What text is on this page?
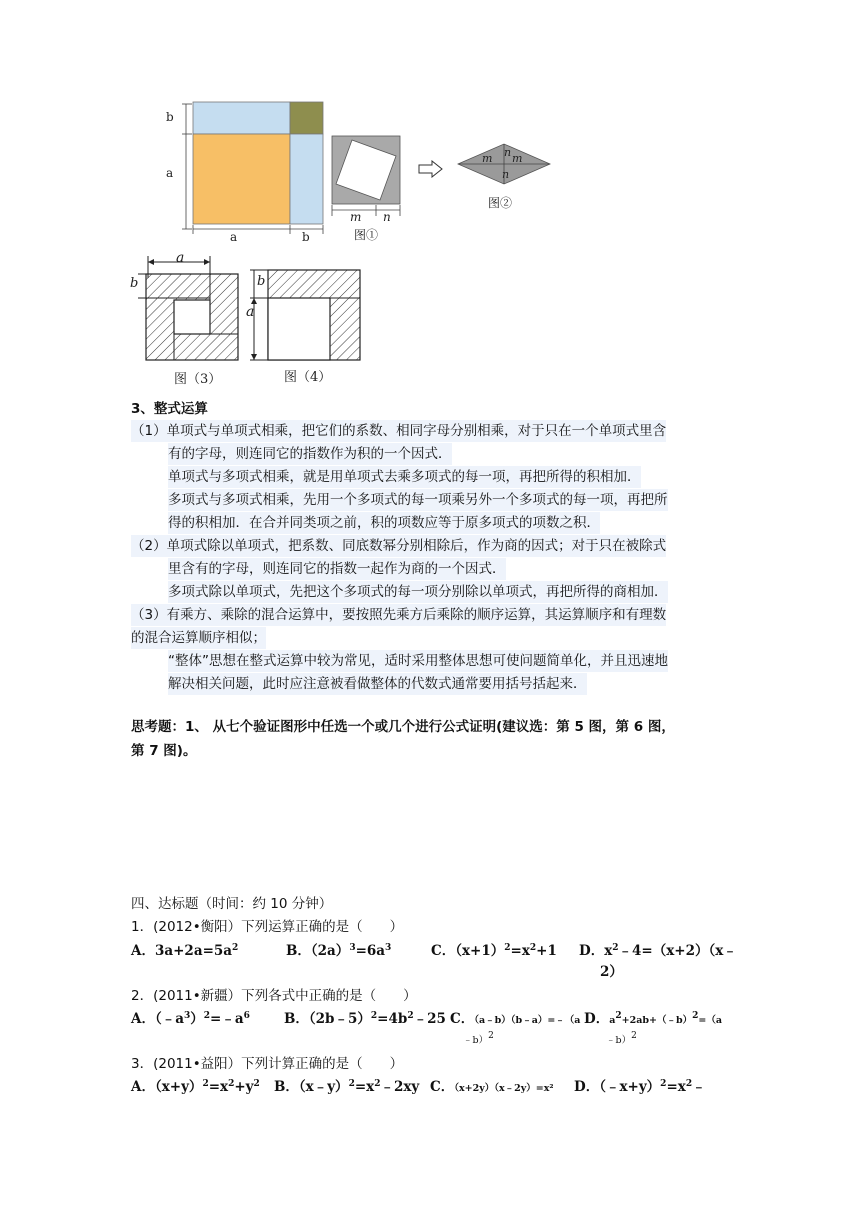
b
a
a	b
m n
图①
m n m
n
图②
a
b
图（3）
b
a
图（4）
3、整式运算
（1）单项式与单项式相乘，把它们的系数、相同字母分别相乘，对于只在一个单项式里含
有的字母，则连同它的指数作为积的一个因式．
单项式与多项式相乘，就是用单项式去乘多项式的每一项，再把所得的积相加．
多项式与多项式相乘，先用一个多项式的每一项乘另外一个多项式的每一项，再把所
得的积相加．在合并同类项之前，积的项数应等于原多项式的项数之积．
（2）单项式除以单项式，把系数、同底数幂分别相除后，作为商的因式；对于只在被除式
里含有的字母，则连同它的指数一起作为商的一个因式．
多项式除以单项式，先把这个多项式的每一项分别除以单项式，再把所得的商相加．
（3）有乘方、乘除的混合运算中，要按照先乘方后乘除的顺序运算，其运算顺序和有理数
的混合运算顺序相似；
“整体”思想在整式运算中较为常见，适时采用整体思想可使问题简单化，并且迅速地
解决相关问题，此时应注意被看做整体的代数式通常要用括号括起来．
思考题：1、 从七个验证图形中任选一个或几个进行公式证明(建议选：第 5 图，第 6 图，
第 7 图)。
四、达标题（时间：约 10 分钟）
1．(2012•衡阳）下列运算正确的是（　　）
A．$3a+2a=5a^2$	B．$(2a)^3=6a^3$	C．$(x+1)^2=x^2+1$ D．$x^2﹣4=(x+2)(x﹣$
2）
2．(2011•新疆）下列各式中正确的是（　　）
A．$(﹣a^3)^2=﹣a^6$	B．$(2b﹣5)^2=4b^2﹣25$ C．（a﹣b）（b﹣a）=﹣（a
﹣b）$^2$
D．$a^2+2ab+(﹣b)^2=(a$
﹣b）$^2$
3．(2011•益阳）下列计算正确的是（　　）
A．$(x+y)^2=x^2+y^2$ B．$(x﹣y)^2=x^2﹣2xy$ C．（x+2y）（x﹣2y）=x² D．$(﹣x+y)^2=x^2﹣$
